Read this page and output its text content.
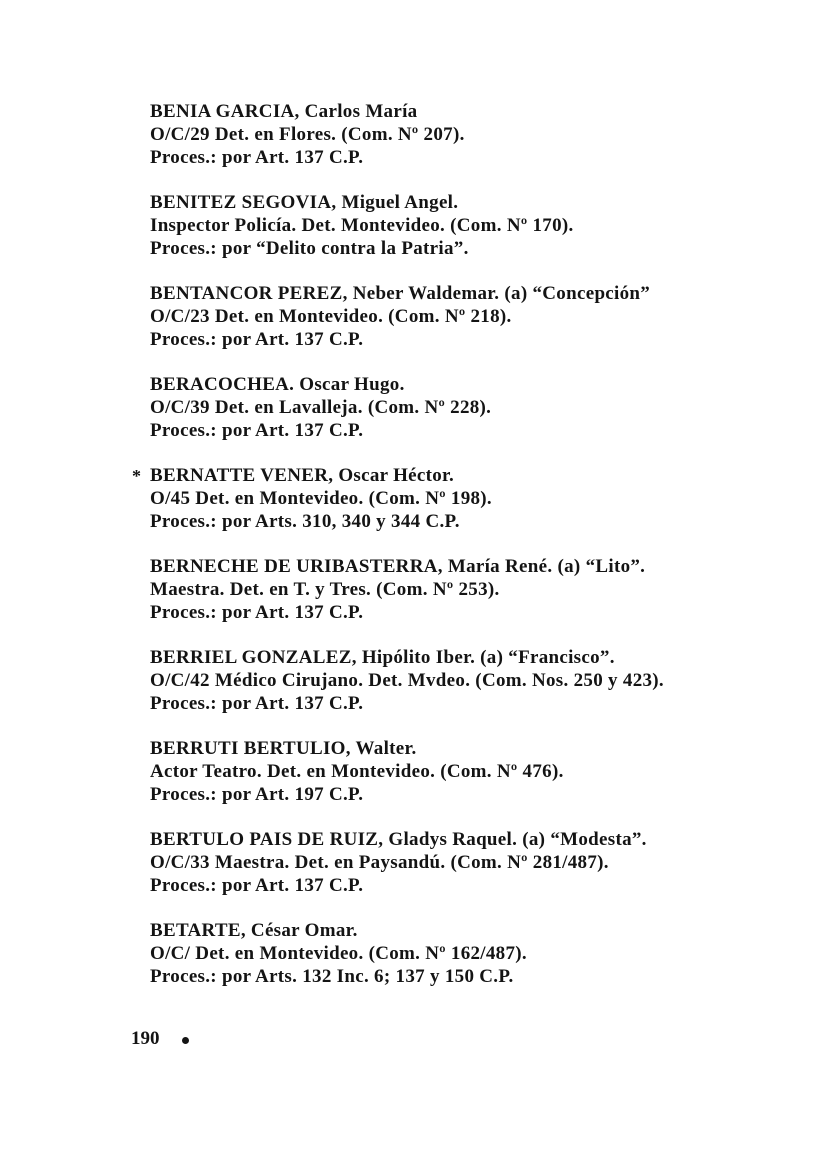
BENIA GARCIA, Carlos María
O/C/29 Det. en Flores. (Com. Nº 207).
Proces.: por Art. 137 C.P.
BENITEZ SEGOVIA, Miguel Angel.
Inspector Policía. Det. Montevideo. (Com. Nº 170).
Proces.: por “Delito contra la Patria”.
BENTANCOR PEREZ, Neber Waldemar. (a) “Concepción”
O/C/23 Det. en Montevideo. (Com. Nº 218).
Proces.: por Art. 137 C.P.
BERACOCHEA. Oscar Hugo.
O/C/39 Det. en Lavalleja. (Com. Nº 228).
Proces.: por Art. 137 C.P.
* BERNATTE VENER, Oscar Héctor.
O/45 Det. en Montevideo. (Com. Nº 198).
Proces.: por Arts. 310, 340 y 344 C.P.
BERNECHE DE URIBASTERRA, María René. (a) “Lito”.
Maestra. Det. en T. y Tres. (Com. Nº 253).
Proces.: por Art. 137 C.P.
BERRIEL GONZALEZ, Hipólito Iber. (a) “Francisco”.
O/C/42 Médico Cirujano. Det. Mvdeo. (Com. Nos. 250 y 423).
Proces.: por Art. 137 C.P.
BERRUTI BERTULIO, Walter.
Actor Teatro. Det. en Montevideo. (Com. Nº 476).
Proces.: por Art. 197 C.P.
BERTULO PAIS DE RUIZ, Gladys Raquel. (a) “Modesta”.
O/C/33 Maestra. Det. en Paysandú. (Com. Nº 281/487).
Proces.: por Art. 137 C.P.
BETARTE, César Omar.
O/C/ Det. en Montevideo. (Com. Nº 162/487).
Proces.: por Arts. 132 Inc. 6; 137 y 150 C.P.
190
